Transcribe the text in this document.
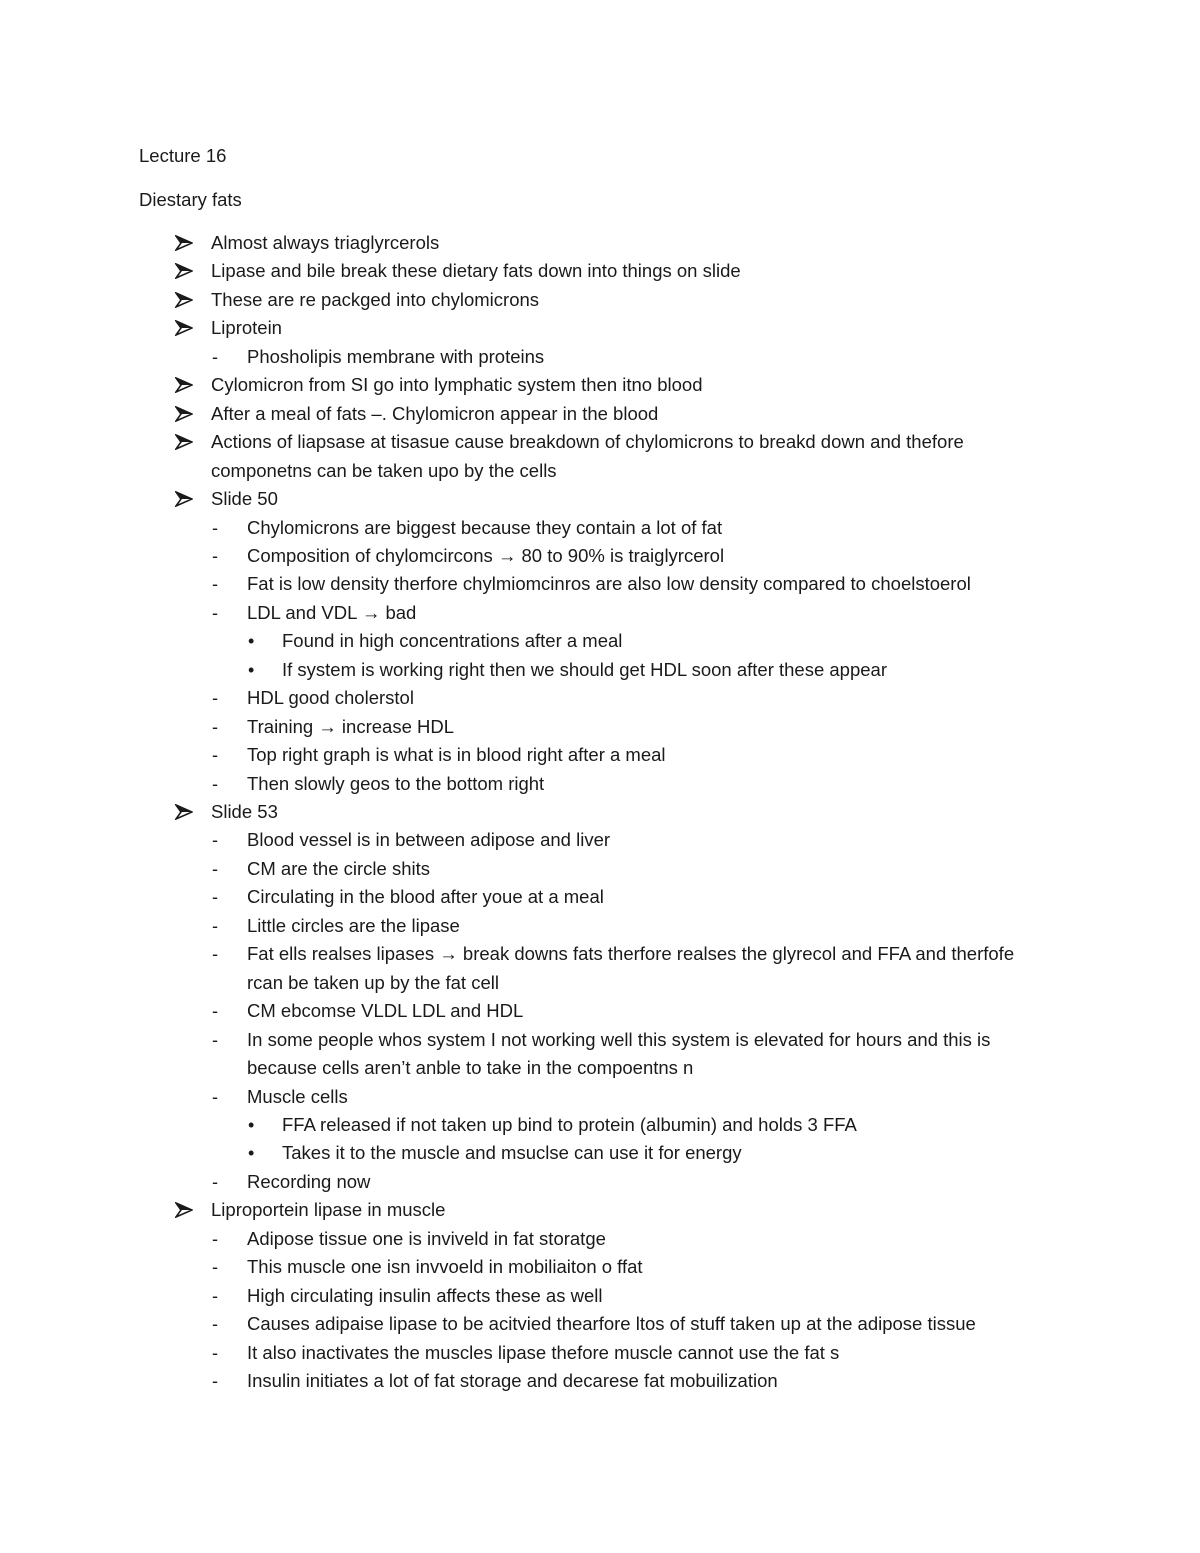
Lecture 16
Diestary fats
Almost always triaglyrcerols
Lipase and bile break these dietary fats down into things on slide
These are re packged into chylomicrons
Liprotein
- Phosholipis membrane with proteins
Cylomicron from SI go into lymphatic system then itno blood
After a meal of fats –. Chylomicron appear in the blood
Actions of liapsase at tisasue cause breakdown of chylomicrons to breakd down and thefore
componetns can be taken upo by the cells
Slide 50
- Chylomicrons are biggest because they contain a lot of fat
- Composition of chylomcircons → 80 to 90% is traiglyrcerol
- Fat is low density therfore chylmiomcinros are also low density compared to choelstoerol
- LDL and VDL → bad
• Found in high concentrations after a meal
• If system is working right then we should get HDL soon after these appear
- HDL good cholerstol
- Training → increase HDL
- Top right graph is what is in blood right after a meal
- Then slowly geos to the bottom right
Slide 53
- Blood vessel is in between adipose and liver
- CM are the circle shits
- Circulating in the blood after youe at a meal
- Little circles are the lipase
- Fat ells realses lipases → break downs fats therfore realses the glyrecol and FFA and therfofe
rcan be taken up by the fat cell
- CM ebcomse VLDL LDL and HDL
- In some people whos system I not working well this system is elevated for hours and this is
because cells aren’t anble to take in the compoentns n
- Muscle cells
• FFA released if not taken up bind to protein (albumin) and holds 3 FFA
• Takes it to the muscle and msuclse can use it for energy
- Recording now
Liproportein lipase in muscle
- Adipose tissue one is inviveld in fat storatge
- This muscle one isn invvoeld in mobiliaiton o ffat
- High circulating insulin affects these as well
- Causes adipaise lipase to be acitvied thearfore ltos of stuff taken up at the adipose tissue
- It also inactivates the muscles lipase thefore muscle cannot use the fat s
- Insulin initiates a lot of fat storage and decarese fat mobuilization
